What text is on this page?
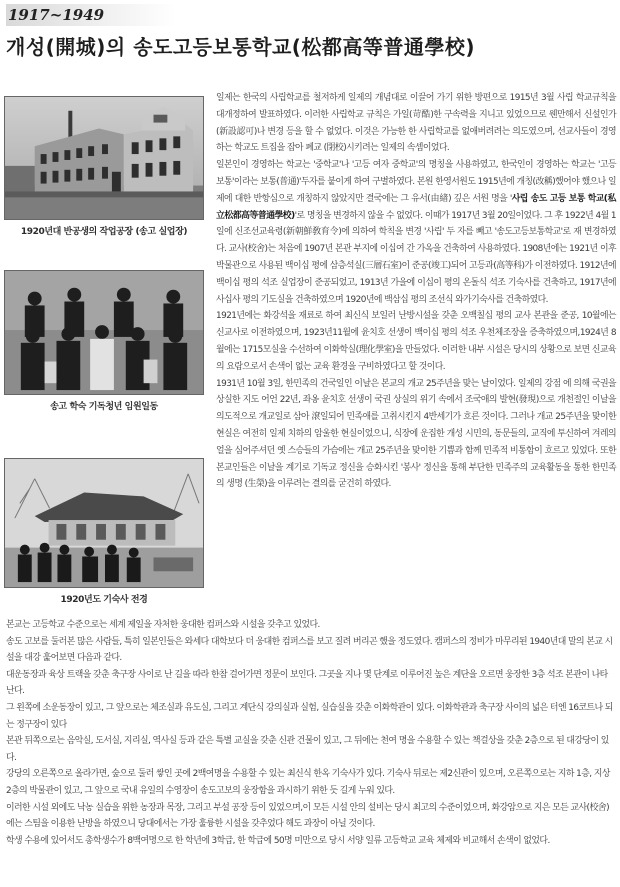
1917~1949
개성(開城)의 송도고등보통학교(松都高等普通學校)
1920년대 반공생의 작업공장 (송고 실업장)
송고 학숙 기독청년 임원일동
1920년도 기숙사 전경

일제는 한국의 사립학교를 철저하게 일제의 개념대로 이끌어 가기 위한 방편으로 1915년 3월 사립 학교규칙을 대개정하여 발표하였다. 이러한 사립학교 규칙은 가일(苛酷)한 구속력을 지니고 있었으므로 웬만해서 신설인가(新設認可)나 변경 등을 할 수 없었다. 이것은 가능한 한 사립학교를 없애버려려는 의도였으며, 선교사들이 경영하는 학교도 트집을 잡아 폐교 (閉校)시키려는 일제의 속셈이었다.

일본인이 경영하는 학교는 '중학교'나 '고등 여자 중학교'의 명칭을 사용하였고, 한국인이 경영하는 학교는 '고등보통'이라는 보통(普通)'두자를 붙이게 하여 구별하였다. 본원 한영서원도 1915년에 개칭(改稱)했어야 했으나 일제에 대한 반항심으로 개칭하지 않았지만 결국에는 그 유서(由緖) 깊은 서원 명을 '사립 송도 고등 보통 학교(私立松都高等普通學校)'로 명칭을 변경하지 않을 수 없었다. 이때가 1917년 3월 20일이었다. 그 후 1922년 4월 1일에 신조선교육령(新朝鮮敎育令)에 의하여 학칙을 변경 '사립' 두 자를 빼고 '송도고등보통학교'로 재 변경하였다. 교사(校舍)는 처음에 1907년 본관 부지에 이십여 간 가옥을 건축하여 사용하였다. 1908년에는 1921년 이후 박물관으로 사용된 백이십 평에 삼층석실(三層石室)이 준공(竣工)되어 고등과(高等科)가 이전하였다. 1912년에 백이십 평의 석조 실업장이 준공되었고, 1913년 가을에 이십이 평의 온돌식 석조 기숙사를 건축하고, 1917년에 사십사 평의 기도실을 건축하였으며 1920년에 백삼십 평의 조선식 와가기숙사를 건축하였다.

1921년에는 화강석을 재료로 하여 최신식 보일러 난방시설을 갖춘 오백칠십 평의 교사 본관을 준공, 10월에는 신교사로 이전하였으며, 1923년11월에 윤치호 선생이 백이십 평의 석조 우천체조장을 증축하였으며,1924년 8월에는 1715모실을 수선하여 이화학실(理化學室)을 만들었다. 이러한 내부 시설은 당시의 상황으로 보면 신교육의 요람으로서 손색이 없는 교육 환경을 구비하였다고 할 것이다.

1931년 10월 3일, 한민족의 건국일인 이날은 본교의 개교 25주년을 맞는 날이었다. 일제의 강점 에 의해 국권을 상실한 지도 어언 22년, 좌옹 윤치호 선생이 국권 상실의 위기 속에서 조국애의 발현(發現)으로 개천절인 이날을 의도적으로 개교일로 삼아 滾일되어 민족애를 고취시킨지 4반세기가 흐른 것이다. 그러나 개교 25주년을 맞이한 현실은 여전히 일제 치하의 암울한 현실이었으니, 식장에 운집한 개성 시민의, 동문들의, 교직에 투신하여 겨레의 얼을 심어주셔던 옛 스승들의 가슴에는 개교 25주년을 맞이한 기쁨과 함께 민족적 비통함이 흐르고 있었다. 또한 본교인들은 이날을 계기로 기독교 정신을 승화시킨 '봉사' 정신을 통해 부단한 민족주의 교육활동을 통한 한민족의 생명 (生榮)을 이루려는 결의를 굳건히 하였다.

본교는 고등학교 수준으로는 세계 제일을 자처한 웅대한 컴퍼스와 시설을 갖추고 있었다.

송도 고보를 둘러본 많은 사람들, 특히 일본인들은 와세다 대학보다 더 웅대한 컴퍼스를 보고 질려 버리곤 했을 정도였다. 캠퍼스의 정비가 마무리된 1940년대 말의 본교 시설을 대강 훑어보면 다음과 같다.

대운동장과 육상 트랙을 갖춘 축구장 사이로 난 길을 따라 한참 걸어가면 정문이 보인다. 그곳을 지나 몇 단계로 이루어진 높은 계단을 오르면 웅장한 3층 석조 본관이 나타난다.

그 왼쪽에 소운동장이 있고, 그 앞으로는 체조실과 유도실, 그리고 계단식 강의실과 실험, 실습실을 갖춘 이화학관이 있다. 이화학관과 축구장 사이의 넓은 터엔 16코트나 되는 정구장이 있다

본관 뒤쪽으로는 음악실, 도서실, 지리실, 역사실 등과 같은 특별 교실을 갖춘 신관 건물이 있고, 그 뒤에는 천여 명을 수용할 수 있는 책걸상을 갖춘 2층으로 된 대강당이 있다.

강당의 오른쪽으로 올라가면, 숲으로 둘러 쌓인 곳에 2백여명을 수용할 수 있는 최신식 한옥 기숙사가 있다. 기숙사 뒤로는 제2신관이 있으며, 오른쪽으로는 지하 1층, 지상 2층의 박물관이 있고, 그 앞으로 국내 유일의 수영장이 송도고보의 웅장함을 과시하기 위한 듯 길게 누워 있다.

이러한 시설 외에도 낙농 실습을 위한 농장과 목장, 그리고 부설 공장 등이 있었으며,이 모든 시설 안의 설비는 당시 최고의 수준이었으며, 화강암으로 지은 모든 교사(校舍)에는 스팀을 이용한 난방을 하였으니 당대에서는 가장 훌륭한 시설을 갖추었다 해도 과장이 아닐 것이다.

학생 수용에 있어서도 총학생수가 8백여명으로 한 학년에 3학급, 한 학급에 50명 미만으로 당시 서양 일류 고등학교 교육 체제와 비교해서 손색이 없었다.
